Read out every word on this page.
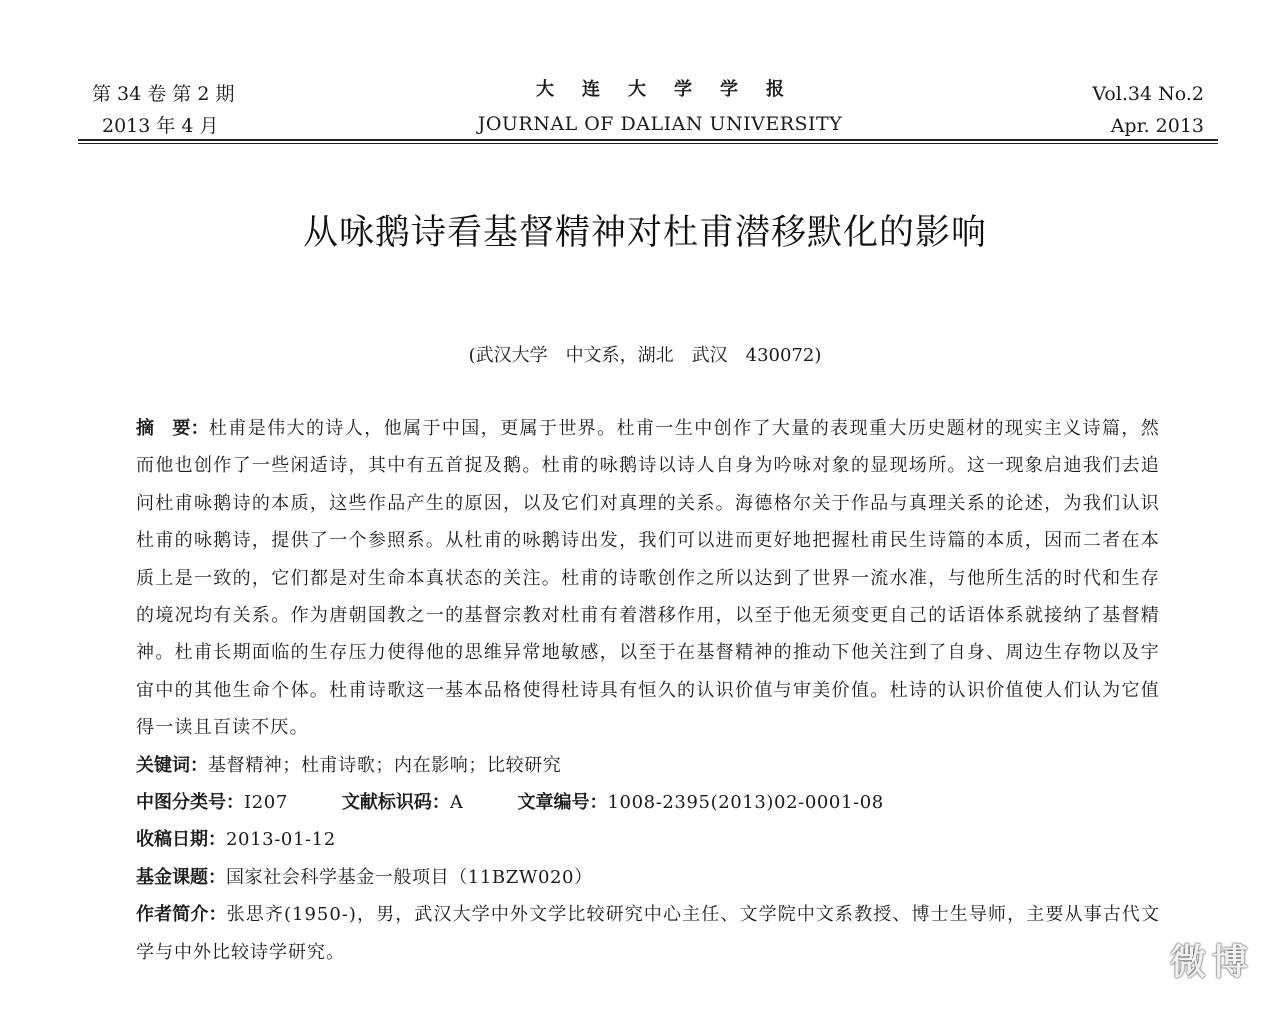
第 34 卷 第 2 期
2013 年 4 月
大连大学学报
JOURNAL OF DALIAN UNIVERSITY
Vol.34 No.2
Apr. 2013
从咏鹅诗看基督精神对杜甫潜移默化的影响
(武汉大学　中文系，湖北　武汉　430072)

摘　要：杜甫是伟大的诗人，他属于中国，更属于世界。杜甫一生中创作了大量的表现重大历史题材的现实主义诗篇，然而他也创作了一些闲适诗，其中有五首捉及鹅。杜甫的咏鹅诗以诗人自身为吟咏对象的显现场所。这一现象启迪我们去追问杜甫咏鹅诗的本质，这些作品产生的原因，以及它们对真理的关系。海德格尔关于作品与真理关系的论述，为我们认识杜甫的咏鹅诗，提供了一个参照系。从杜甫的咏鹅诗出发，我们可以进而更好地把握杜甫民生诗篇的本质，因而二者在本质上是一致的，它们都是对生命本真状态的关注。杜甫的诗歌创作之所以达到了世界一流水准，与他所生活的时代和生存的境况均有关系。作为唐朝国教之一的基督宗教对杜甫有着潜移作用，以至于他无须变更自己的话语体系就接纳了基督精神。杜甫长期面临的生存压力使得他的思维异常地敏感，以至于在基督精神的推动下他关注到了自身、周边生存物以及宇宙中的其他生命个体。杜甫诗歌这一基本品格使得杜诗具有恒久的认识价值与审美价值。杜诗的认识价值使人们认为它值得一读且百读不厌。

关键词：基督精神；杜甫诗歌；内在影响；比较研究

中图分类号：I207	文献标识码：A	文章编号：1008-2395(2013)02-0001-08

收稿日期：2013-01-12

基金课题：国家社会科学基金一般项目（11BZW020）

作者简介：张思齐(1950-)，男，武汉大学中外文学比较研究中心主任、文学院中文系教授、博士生导师，主要从事古代文学与中外比较诗学研究。	微博
